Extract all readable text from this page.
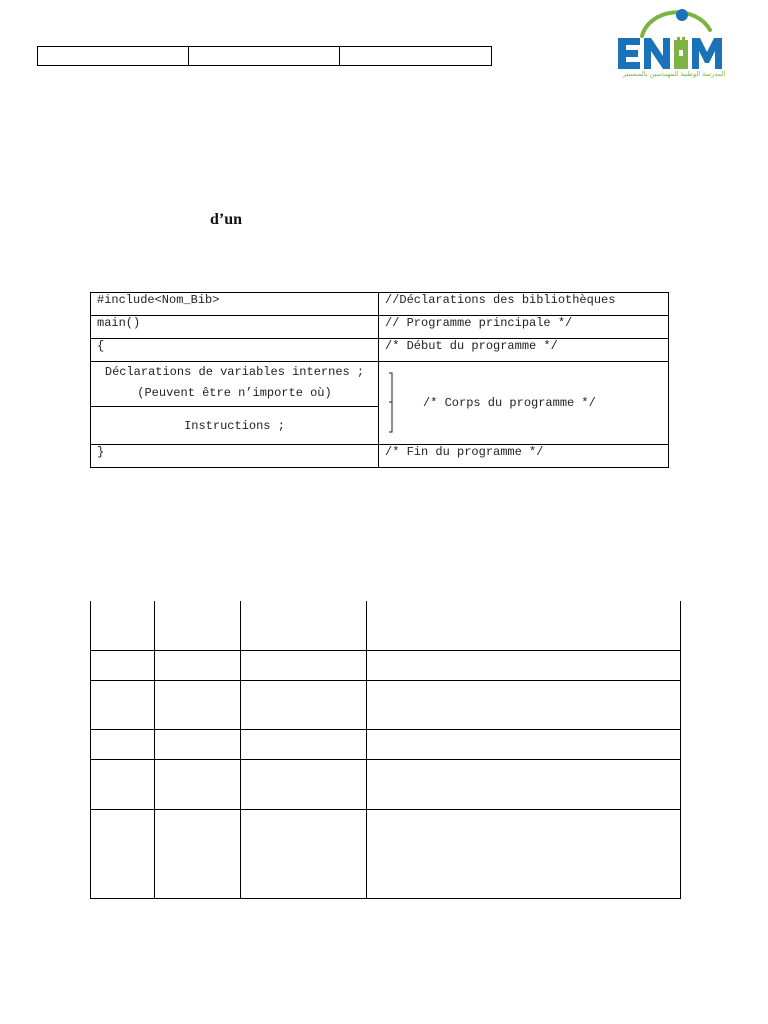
المدرسة الوطنية للمهندسين بالمنستير
d’un
#include<Nom_Bib>	//Déclarations des bibliothèques
main()	// Programme principale */
{	/* Début du programme */

Déclarations de variables internes ;
(Peuvent être n’importe où)	/* Corps du programme */

Instructions ;	
}	/* Fin du programme */
